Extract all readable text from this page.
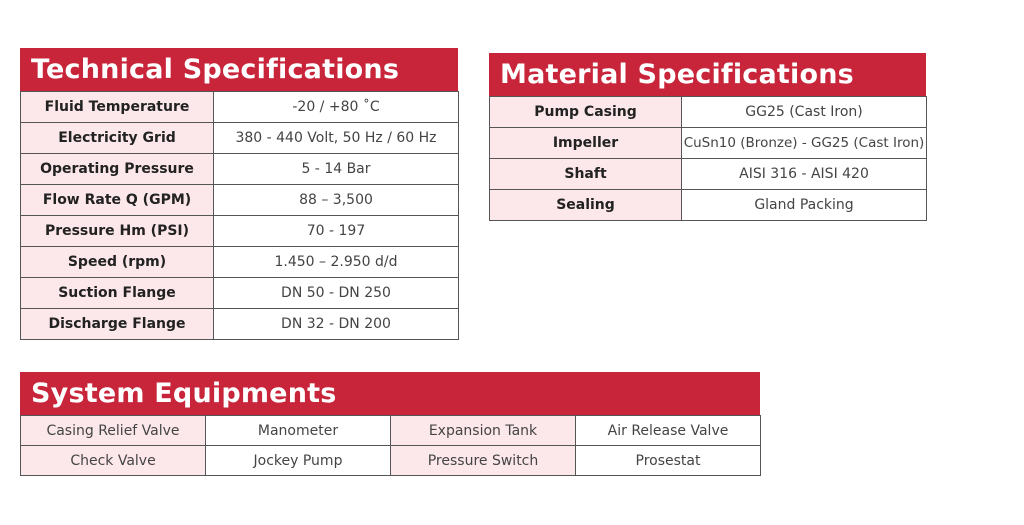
Technical Specifications
Fluid Temperature	-20 / +80 ˚C
Electricity Grid	380 - 440 Volt, 50 Hz / 60 Hz
Operating Pressure	5 - 14 Bar
Flow Rate Q (GPM)	88 – 3,500
Pressure Hm (PSI)	70 - 197
Speed (rpm)	1.450 – 2.950 d/d
Suction Flange	DN 50 - DN 250
Discharge Flange	DN 32 - DN 200
Material Specifications
Pump Casing	GG25 (Cast Iron)
Impeller	CuSn10 (Bronze) - GG25 (Cast Iron)
Shaft	AISI 316 - AISI 420
Sealing	Gland Packing
System Equipments
Casing Relief Valve	Manometer	Expansion Tank	Air Release Valve
Check Valve	Jockey Pump	Pressure Switch	Prosestat
